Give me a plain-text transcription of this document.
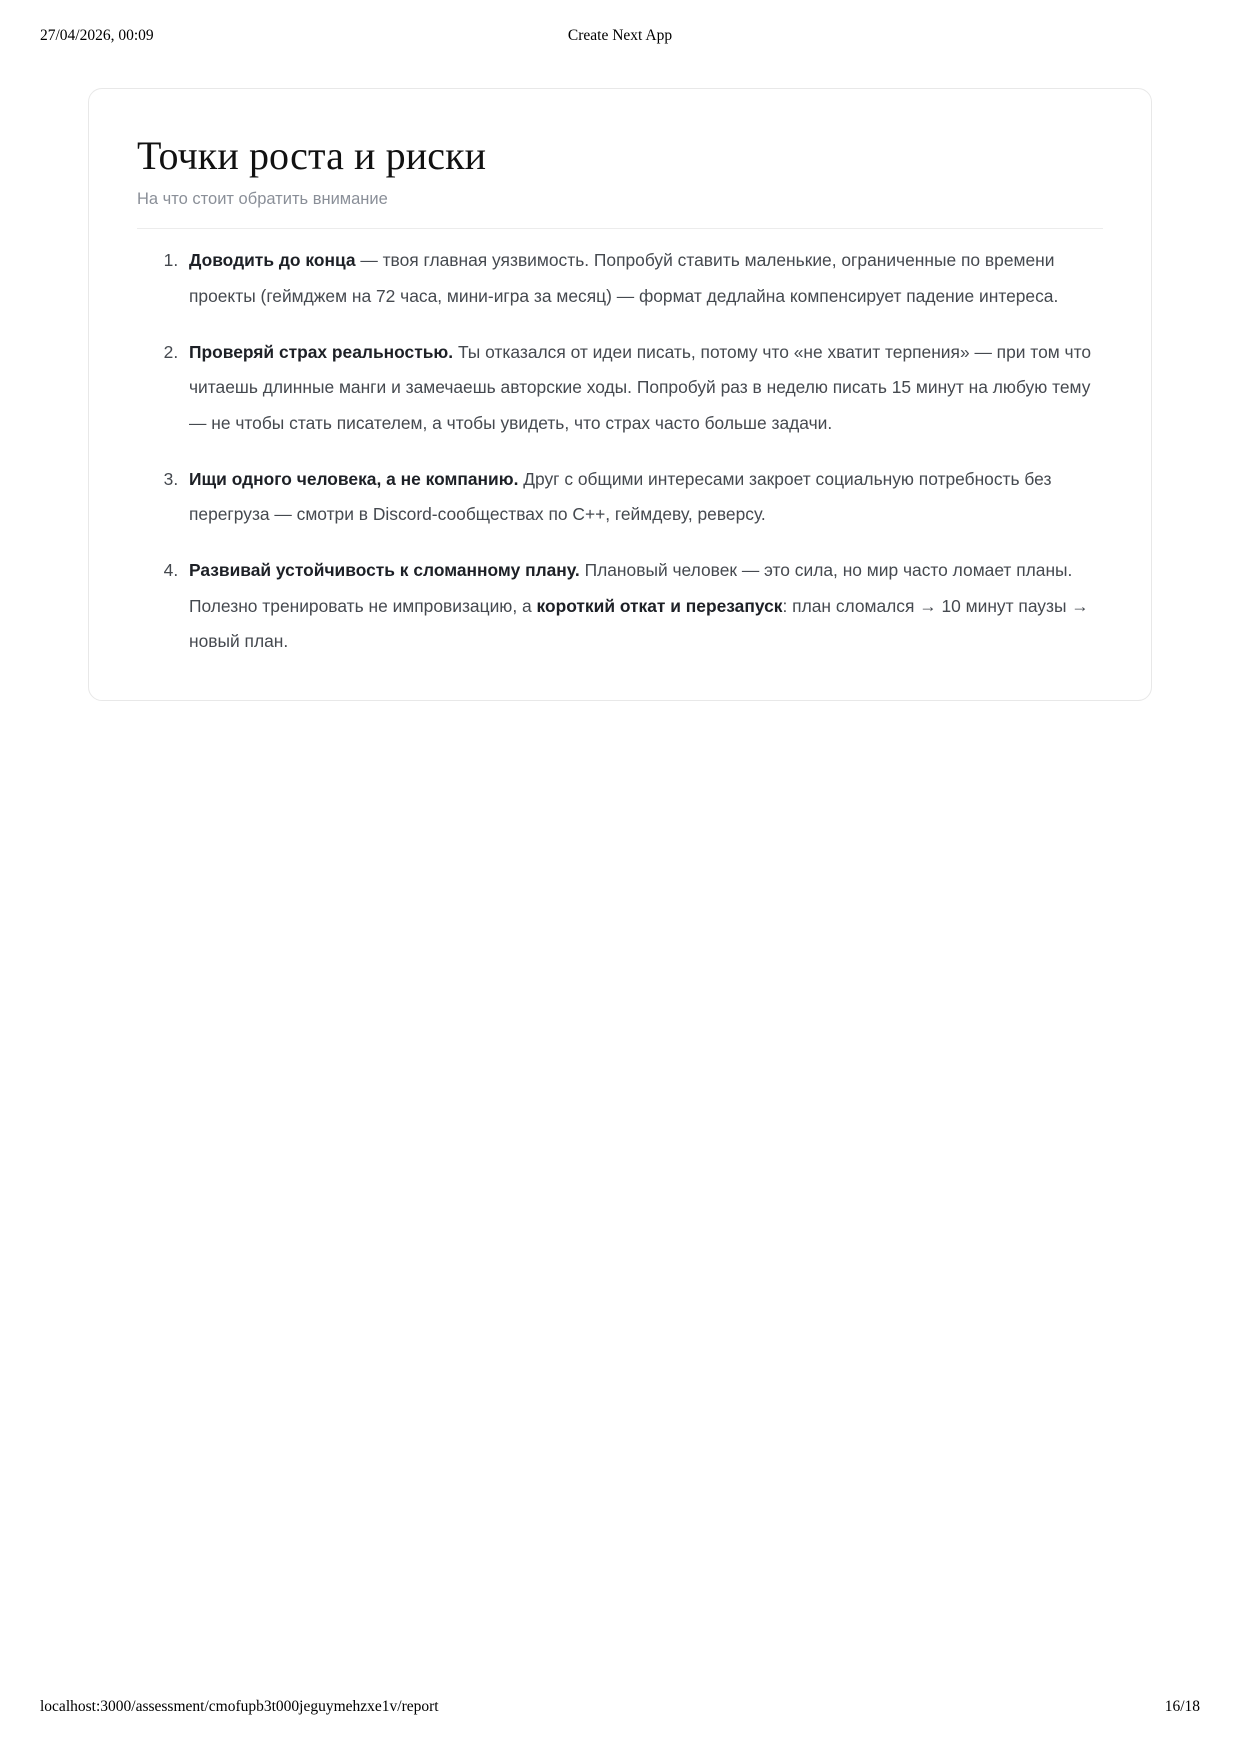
27/04/2026, 00:09	Create Next App
Точки роста и риски

На что стоит обратить внимание

1. Доводить до конца — твоя главная уязвимость. Попробуй ставить маленькие, ограниченные по времени проекты (геймджем на 72 часа, мини-игра за месяц) — формат дедлайна компенсирует падение интереса.
2. Проверяй страх реальностью. Ты отказался от идеи писать, потому что «не хватит терпения» — при том что читаешь длинные манги и замечаешь авторские ходы. Попробуй раз в неделю писать 15 минут на любую тему — не чтобы стать писателем, а чтобы увидеть, что страх часто больше задачи.
3. Ищи одного человека, а не компанию. Друг с общими интересами закроет социальную потребность без перегруза — смотри в Discord-сообществах по C++, геймдеву, реверсу.
4. Развивай устойчивость к сломанному плану. Плановый человек — это сила, но мир часто ломает планы. Полезно тренировать не импровизацию, а короткий откат и перезапуск: план сломался → 10 минут паузы → новый план.
localhost:3000/assessment/cmofupb3t000jeguymehzxe1v/report	16/18
